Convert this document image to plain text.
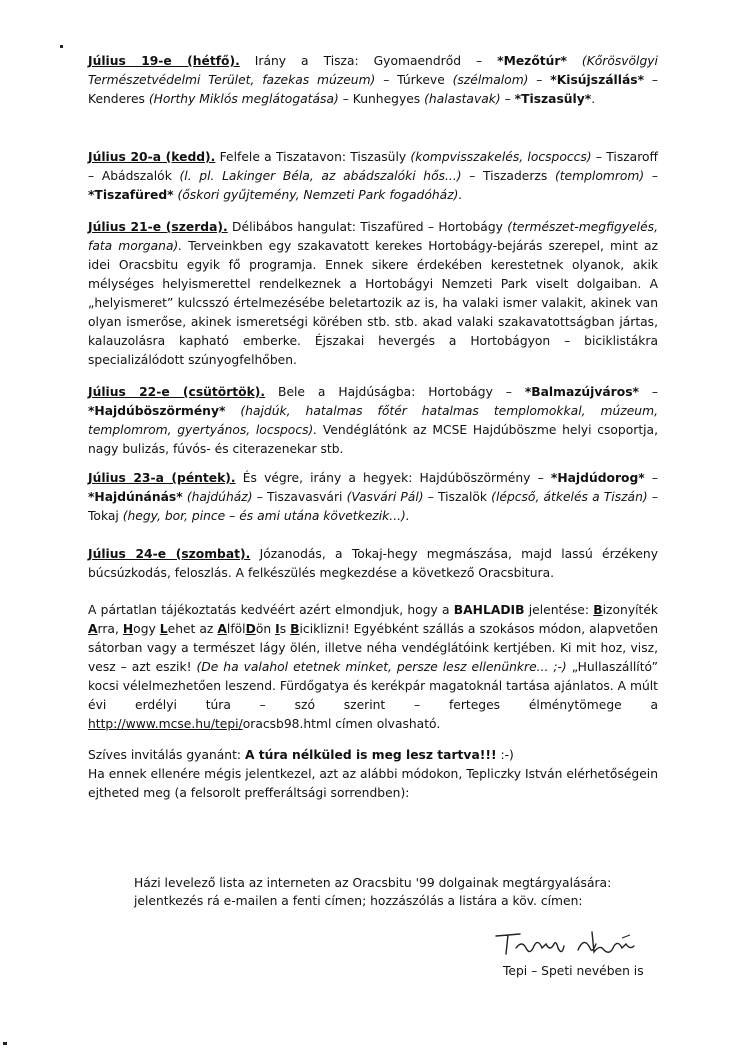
Július 19-e (hétfő). Irány a Tisza: Gyomaendrőd – *Mezőtúr* (Kőrösvölgyi Természetvédelmi Terület, fazekas múzeum) – Túrkeve (szélmalom) – *Kisújszállás* – Kenderes (Horthy Miklós meglátogatása) – Kunhegyes (halastavak) – *Tiszasüly*.

Július 20-a (kedd). Felfele a Tiszatavon: Tiszasüly (kompvisszakelés, locspoccs) – Tiszaroff – Abádszalók (l. pl. Lakinger Béla, az abádszalóki hős...) – Tiszaderzs (templomrom) – *Tiszafüred* (őskori gyűjtemény, Nemzeti Park fogadóház).

Július 21-e (szerda). Délibábos hangulat: Tiszafüred – Hortobágy (természet-megfigyelés, fata morgana). Terveinkben egy szakavatott kerekes Hortobágy-bejárás szerepel, mint az idei Oracsbitu egyik fő programja. Ennek sikere érdekében kerestetnek olyanok, akik mélységes helyismerettel rendelkeznek a Hortobágyi Nemzeti Park viselt dolgaiban. A „helyismeret” kulcsszó értelmezésébe beletartozik az is, ha valaki ismer valakit, akinek van olyan ismerőse, akinek ismeretségi körében stb. stb. akad valaki szakavatottságban jártas, kalauzolásra kapható emberke. Éjszakai hevergés a Hortobágyon – biciklistákra specializálódott szúnyogfelhőben.

Július 22-e (csütörtök). Bele a Hajdúságba: Hortobágy – *Balmazújváros* – *Hajdúböszörmény* (hajdúk, hatalmas főtér hatalmas templomokkal, múzeum, templomrom, gyertyános, locspocs). Vendéglátónk az MCSE Hajdúböszme helyi csoportja, nagy bulizás, fúvós- és citerazenekar stb.

Július 23-a (péntek). És végre, irány a hegyek: Hajdúböszörmény – *Hajdúdorog* – *Hajdúnánás* (hajdúház) – Tiszavasvári (Vasvári Pál) – Tiszalök (lépcső, átkelés a Tiszán) – Tokaj (hegy, bor, pince – és ami utána következik...).

Július 24-e (szombat). Józanodás, a Tokaj-hegy megmászása, majd lassú érzékeny búcsúzkodás, feloszlás. A felkészülés megkezdése a következő Oracsbitura.

A pártatlan tájékoztatás kedvéért azért elmondjuk, hogy a BAHLADIB jelentése: Bizonyíték Arra, Hogy Lehet az AlfölDön Is Biciklizni! Egyébként szállás a szokásos módon, alapvetően sátorban vagy a természet lágy ölén, illetve néha vendéglátóink kertjében. Ki mit hoz, visz, vesz – azt eszik! (De ha valahol etetnek minket, persze lesz ellenünkre... ;-) „Hullaszállító” kocsi vélelmezhetően leszend. Fürdőgatya és kerékpár magatoknál tartása ajánlatos. A múlt évi erdélyi túra – szó szerint – ferteges élménytömege a http://www.mcse.hu/tepi/oracsb98.html címen olvasható.

Szíves invitálás gyanánt: A túra nélküled is meg lesz tartva!!! :-)
Ha ennek ellenére mégis jelentkezel, azt az alábbi módokon, Tepliczky István elérhetőségein ejtheted meg (a felsorolt prefferáltsági sorrendben):
Házi levelező lista az interneten az Oracsbitu '99 dolgainak megtárgyalására:
jelentkezés rá e-mailen a fenti címen; hozzászólás a listára a köv. címen:
Tepi – Speti nevében is
